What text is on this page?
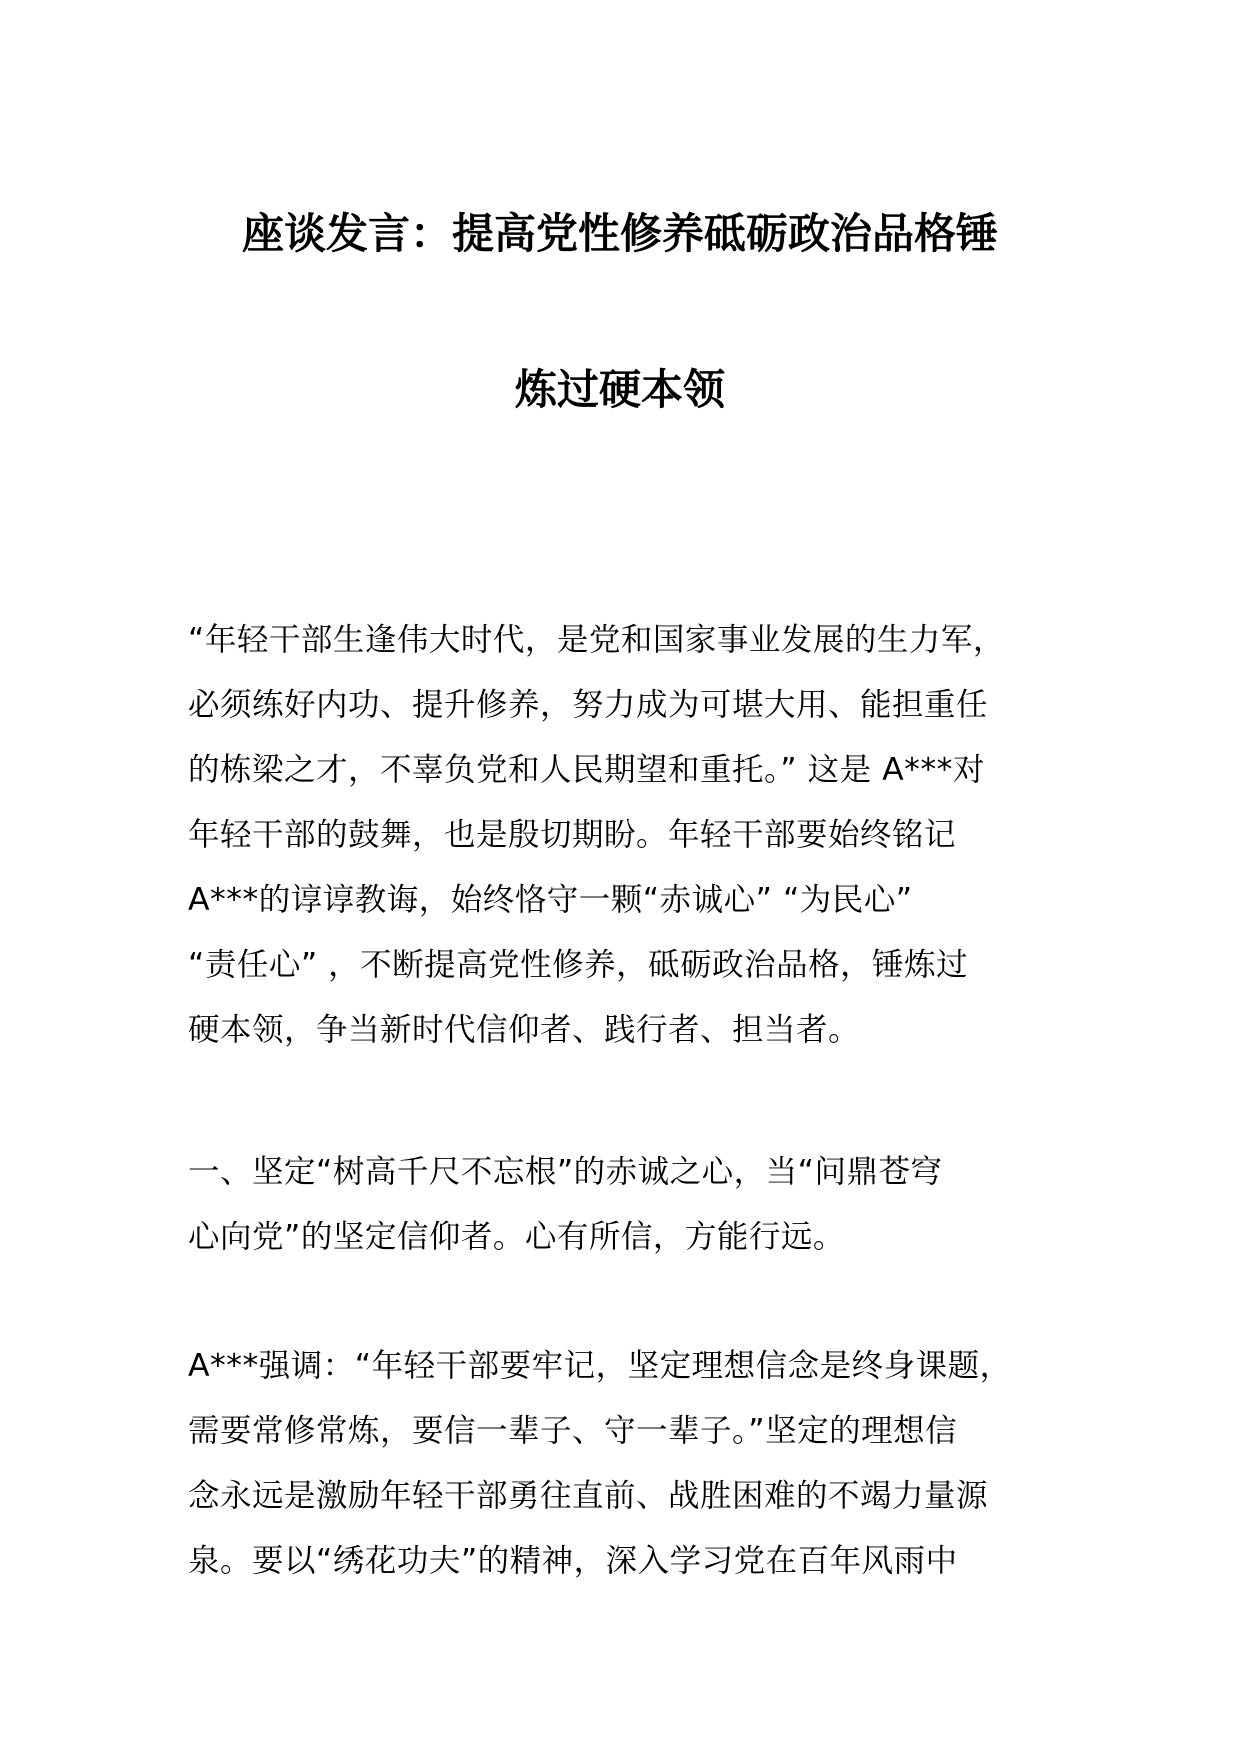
座谈发言：提高党性修养砥砺政治品格锤
炼过硬本领
“年轻干部生逢伟大时代，是党和国家事业发展的生力军，
必须练好内功、提升修养，努力成为可堪大用、能担重任
的栋梁之才，不辜负党和人民期望和重托。” 这是 A***对
年轻干部的鼓舞，也是殷切期盼。年轻干部要始终铭记
A***的谆谆教诲，始终恪守一颗“赤诚心” “为民心”
“责任心” ，不断提高党性修养，砥砺政治品格，锤炼过
硬本领，争当新时代信仰者、践行者、担当者。
一、坚定“树高千尺不忘根”的赤诚之心，当“问鼎苍穹
心向党”的坚定信仰者。心有所信，方能行远。
A***强调：“年轻干部要牢记，坚定理想信念是终身课题，
需要常修常炼，要信一辈子、守一辈子。”坚定的理想信
念永远是激励年轻干部勇往直前、战胜困难的不竭力量源
泉。要以“绣花功夫”的精神，深入学习党在百年风雨中
